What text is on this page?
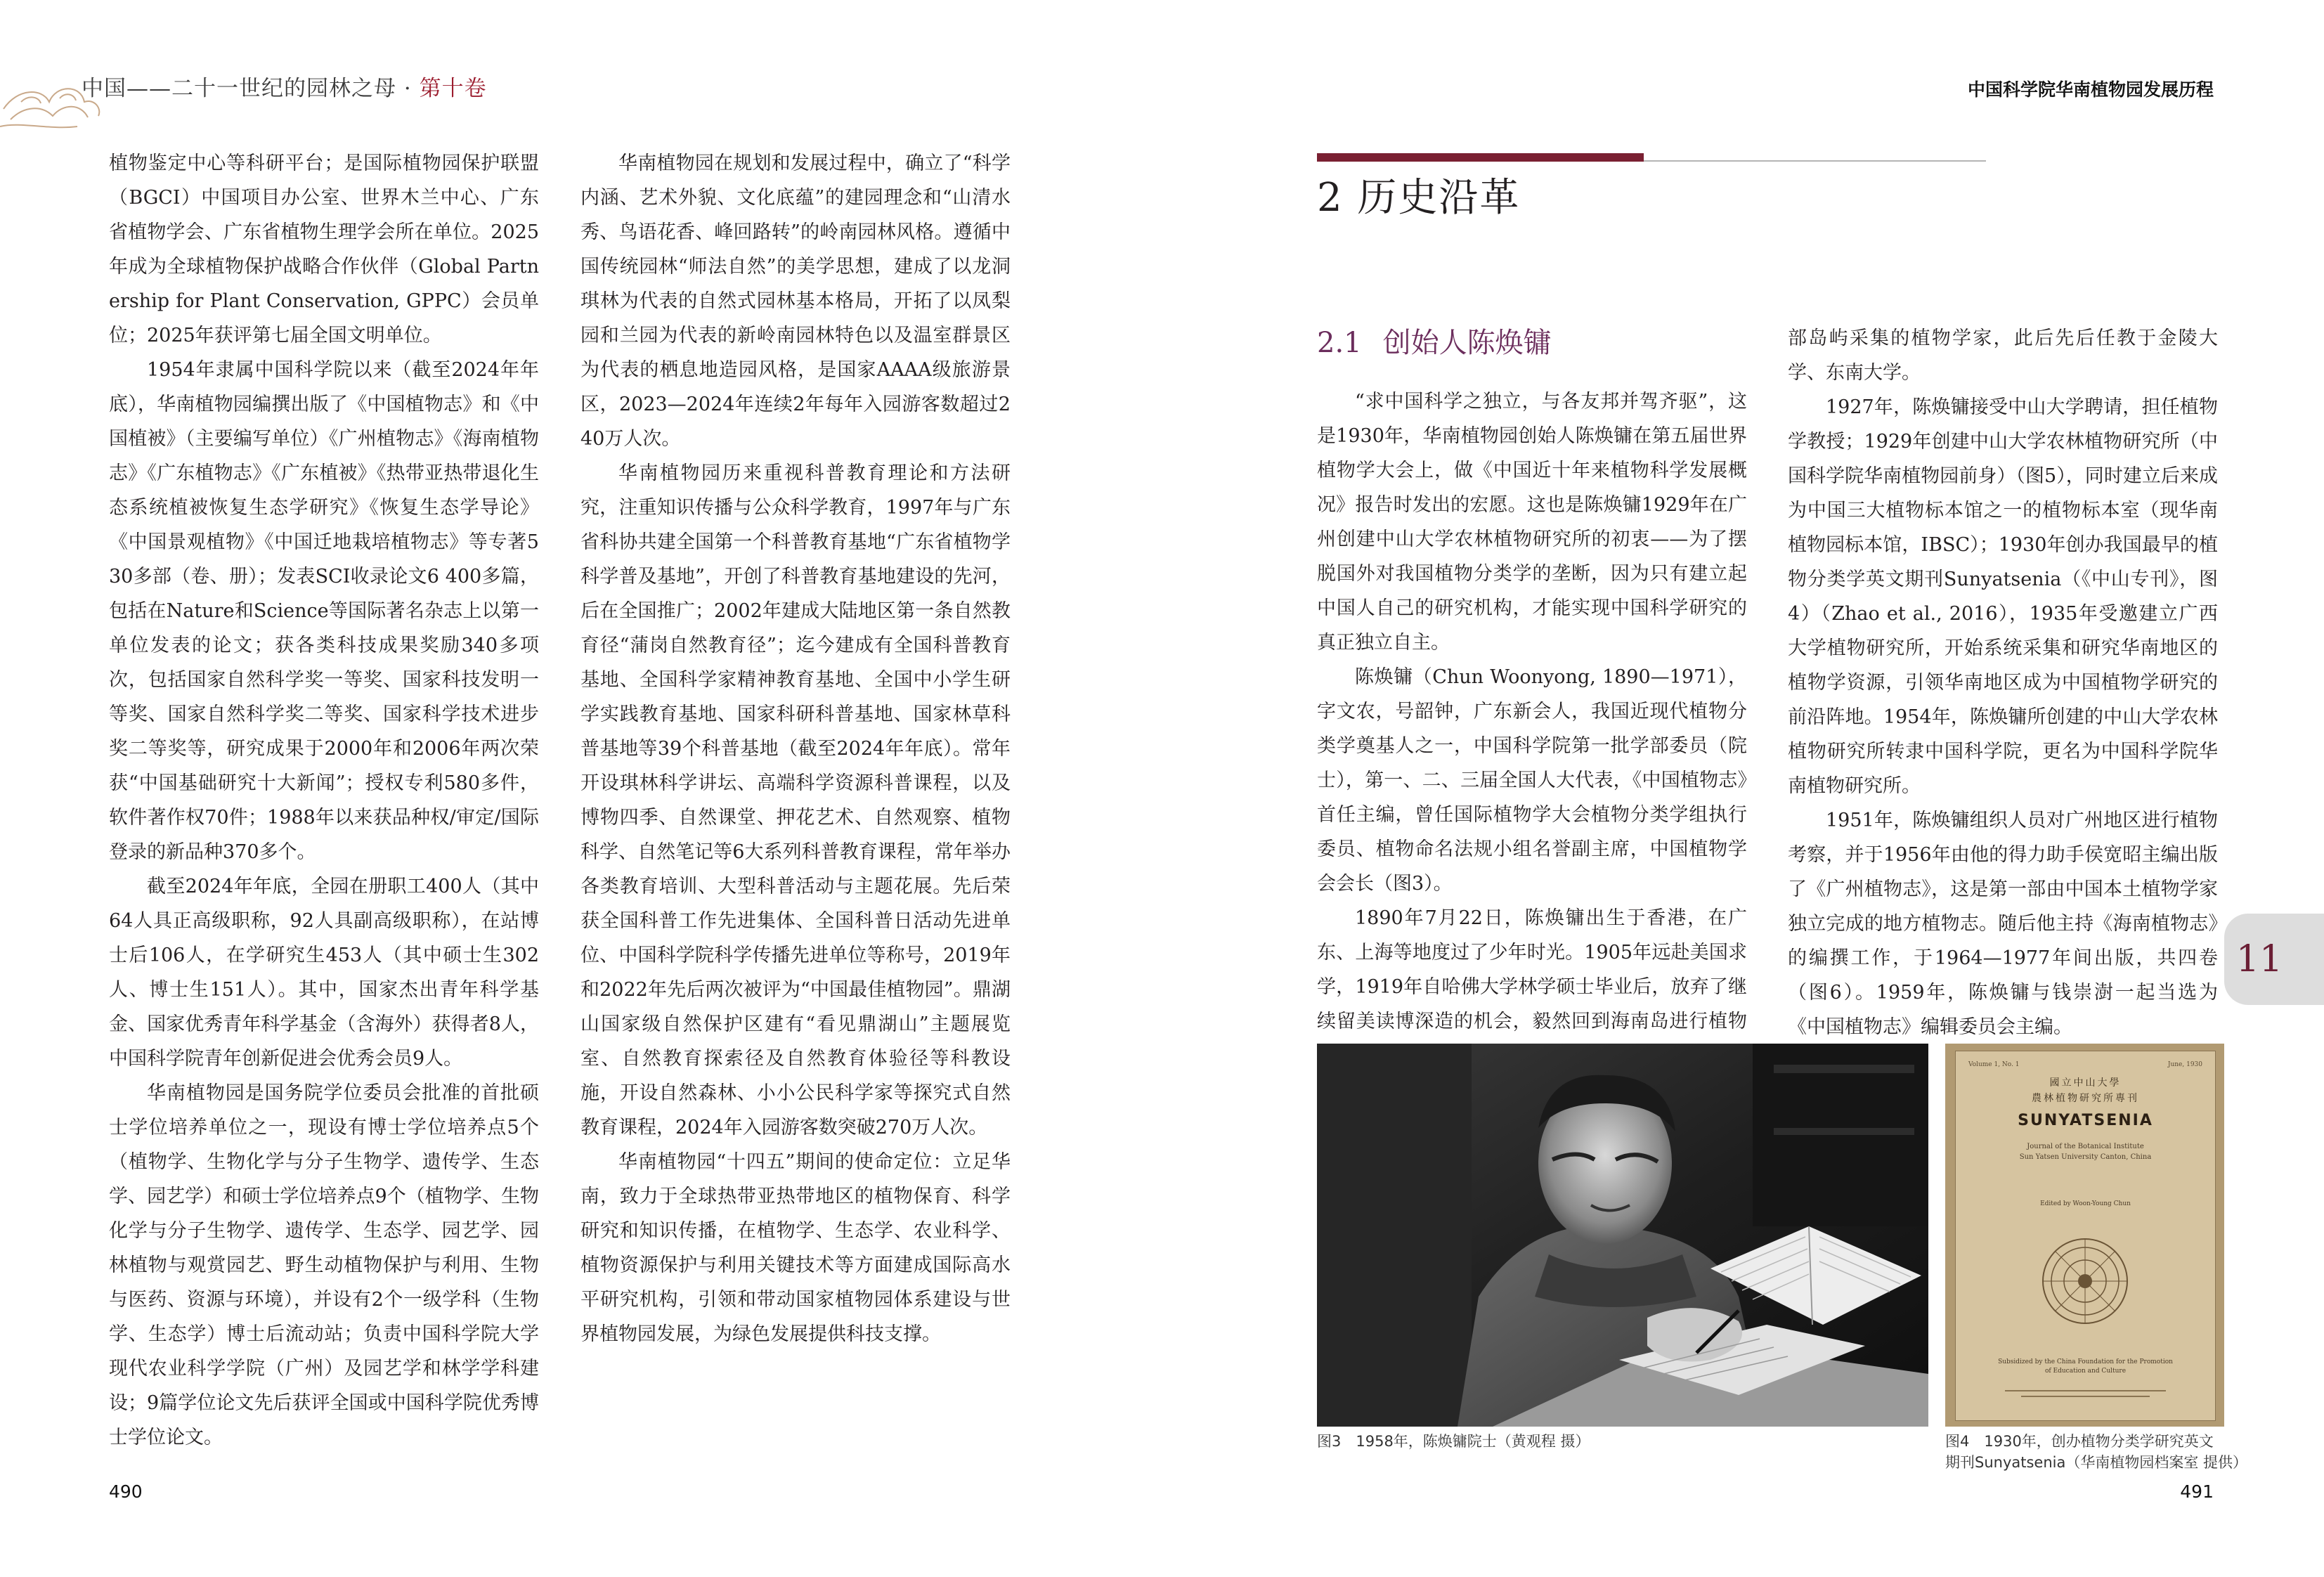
中国——二十一世纪的园林之母 · 第十卷	中国科学院华南植物园发展历程

植物鉴定中心等科研平台；是国际植物园保护联盟（BGCI）中国项目办公室、世界木兰中心、广东省植物学会、广东省植物生理学会所在单位。2025年成为全球植物保护战略合作伙伴（Global Partnership for Plant Conservation, GPPC）会员单位；2025年获评第七届全国文明单位。

1954年隶属中国科学院以来（截至2024年年底），华南植物园编撰出版了《中国植物志》和《中国植被》（主要编写单位）《广州植物志》《海南植物志》《广东植物志》《广东植被》《热带亚热带退化生态系统植被恢复生态学研究》《恢复生态学导论》《中国景观植物》《中国迁地栽培植物志》等专著530多部（卷、册）；发表SCI收录论文6 400多篇，包括在Nature和Science等国际著名杂志上以第一单位发表的论文；获各类科技成果奖励340多项次，包括国家自然科学奖一等奖、国家科技发明一等奖、国家自然科学奖二等奖、国家科学技术进步奖二等奖等，研究成果于2000年和2006年两次荣获“中国基础研究十大新闻”；授权专利580多件，软件著作权70件；1988年以来获品种权/审定/国际登录的新品种370多个。

截至2024年年底，全园在册职工400人（其中64人具正高级职称，92人具副高级职称），在站博士后106人，在学研究生453人（其中硕士生302人、博士生151人）。其中，国家杰出青年科学基金、国家优秀青年科学基金（含海外）获得者8人，中国科学院青年创新促进会优秀会员9人。

华南植物园是国务院学位委员会批准的首批硕士学位培养单位之一，现设有博士学位培养点5个（植物学、生物化学与分子生物学、遗传学、生态学、园艺学）和硕士学位培养点9个（植物学、生物化学与分子生物学、遗传学、生态学、园艺学、园林植物与观赏园艺、野生动植物保护与利用、生物与医药、资源与环境），并设有2个一级学科（生物学、生态学）博士后流动站；负责中国科学院大学现代农业科学学院（广州）及园艺学和林学学科建设；9篇学位论文先后获评全国或中国科学院优秀博士学位论文。

华南植物园在规划和发展过程中，确立了“科学内涵、艺术外貌、文化底蕴”的建园理念和“山清水秀、鸟语花香、峰回路转”的岭南园林风格。遵循中国传统园林“师法自然”的美学思想，建成了以龙洞琪林为代表的自然式园林基本格局，开拓了以凤梨园和兰园为代表的新岭南园林特色以及温室群景区为代表的栖息地造园风格，是国家AAAA级旅游景区，2023—2024年连续2年每年入园游客数超过240万人次。

华南植物园历来重视科普教育理论和方法研究，注重知识传播与公众科学教育，1997年与广东省科协共建全国第一个科普教育基地“广东省植物学科学普及基地”，开创了科普教育基地建设的先河，后在全国推广；2002年建成大陆地区第一条自然教育径“蒲岗自然教育径”；迄今建成有全国科普教育基地、全国科学家精神教育基地、全国中小学生研学实践教育基地、国家科研科普基地、国家林草科普基地等39个科普基地（截至2024年年底）。常年开设琪林科学讲坛、高端科学资源科普课程，以及博物四季、自然课堂、押花艺术、自然观察、植物科学、自然笔记等6大系列科普教育课程，常年举办各类教育培训、大型科普活动与主题花展。先后荣获全国科普工作先进集体、全国科普日活动先进单位、中国科学院科学传播先进单位等称号，2019年和2022年先后两次被评为“中国最佳植物园”。鼎湖山国家级自然保护区建有“看见鼎湖山”主题展览室、自然教育探索径及自然教育体验径等科教设施，开设自然森林、小小公民科学家等探究式自然教育课程，2024年入园游客数突破270万人次。

华南植物园“十四五”期间的使命定位：立足华南，致力于全球热带亚热带地区的植物保育、科学研究和知识传播，在植物学、生态学、农业科学、植物资源保护与利用关键技术等方面建成国际高水平研究机构，引领和带动国家植物园体系建设与世界植物园发展，为绿色发展提供科技支撑。

490
2 历史沿革
2.1 创始人陈焕镛

“求中国科学之独立，与各友邦并驾齐驱”，这是1930年，华南植物园创始人陈焕镛在第五届世界植物学大会上，做《中国近十年来植物科学发展概况》报告时发出的宏愿。这也是陈焕镛1929年在广州创建中山大学农林植物研究所的初衷——为了摆脱国外对我国植物分类学的垄断，因为只有建立起中国人自己的研究机构，才能实现中国科学研究的真正独立自主。

陈焕镛（Chun Woonyong, 1890—1971），字文农，号韶钟，广东新会人，我国近现代植物分类学奠基人之一，中国科学院第一批学部委员（院士），第一、二、三届全国人大代表，《中国植物志》首任主编，曾任国际植物学大会植物分类学组执行委员、植物命名法规小组名誉副主席，中国植物学会会长（图3）。

1890年7月22日，陈焕镛出生于香港，在广东、上海等地度过了少年时光。1905年远赴美国求学，1919年自哈佛大学林学硕士毕业后，放弃了继续留美读博深造的机会，毅然回到海南岛进行植物

部岛屿采集的植物学家，此后先后任教于金陵大学、东南大学。

1927年，陈焕镛接受中山大学聘请，担任植物学教授；1929年创建中山大学农林植物研究所（中国科学院华南植物园前身）（图5），同时建立后来成为中国三大植物标本馆之一的植物标本室（现华南植物园标本馆，IBSC）；1930年创办我国最早的植物分类学英文期刊Sunyatsenia（《中山专刊》，图4）（Zhao et al., 2016），1935年受邀建立广西大学植物研究所，开始系统采集和研究华南地区的植物学资源，引领华南地区成为中国植物学研究的前沿阵地。1954年，陈焕镛所创建的中山大学农林植物研究所转隶中国科学院，更名为中国科学院华南植物研究所。

1951年，陈焕镛组织人员对广州地区进行植物考察，并于1956年由他的得力助手侯宽昭主编出版了《广州植物志》，这是第一部由中国本土植物学家独立完成的地方植物志。随后他主持《海南植物志》的编撰工作，于1964—1977年间出版，共四卷（图6）。1959年，陈焕镛与钱崇澍一起当选为《中国植物志》编辑委员会主编。

11
Volume 1, No. 1	June, 1930
國立中山大學
農林植物研究所專刊
SUNYATSENIA
Journal of the Botanical Institute Sun Yatsen University Canton, China
Edited by Woon-Young Chun
Subsidized by the China Foundation for the Promotion of Education and Culture
图3　1958年，陈焕镛院士（黄观程 摄）	图4　1930年，创办植物分类学研究英文
期刊Sunyatsenia（华南植物园档案室 提供）
491
